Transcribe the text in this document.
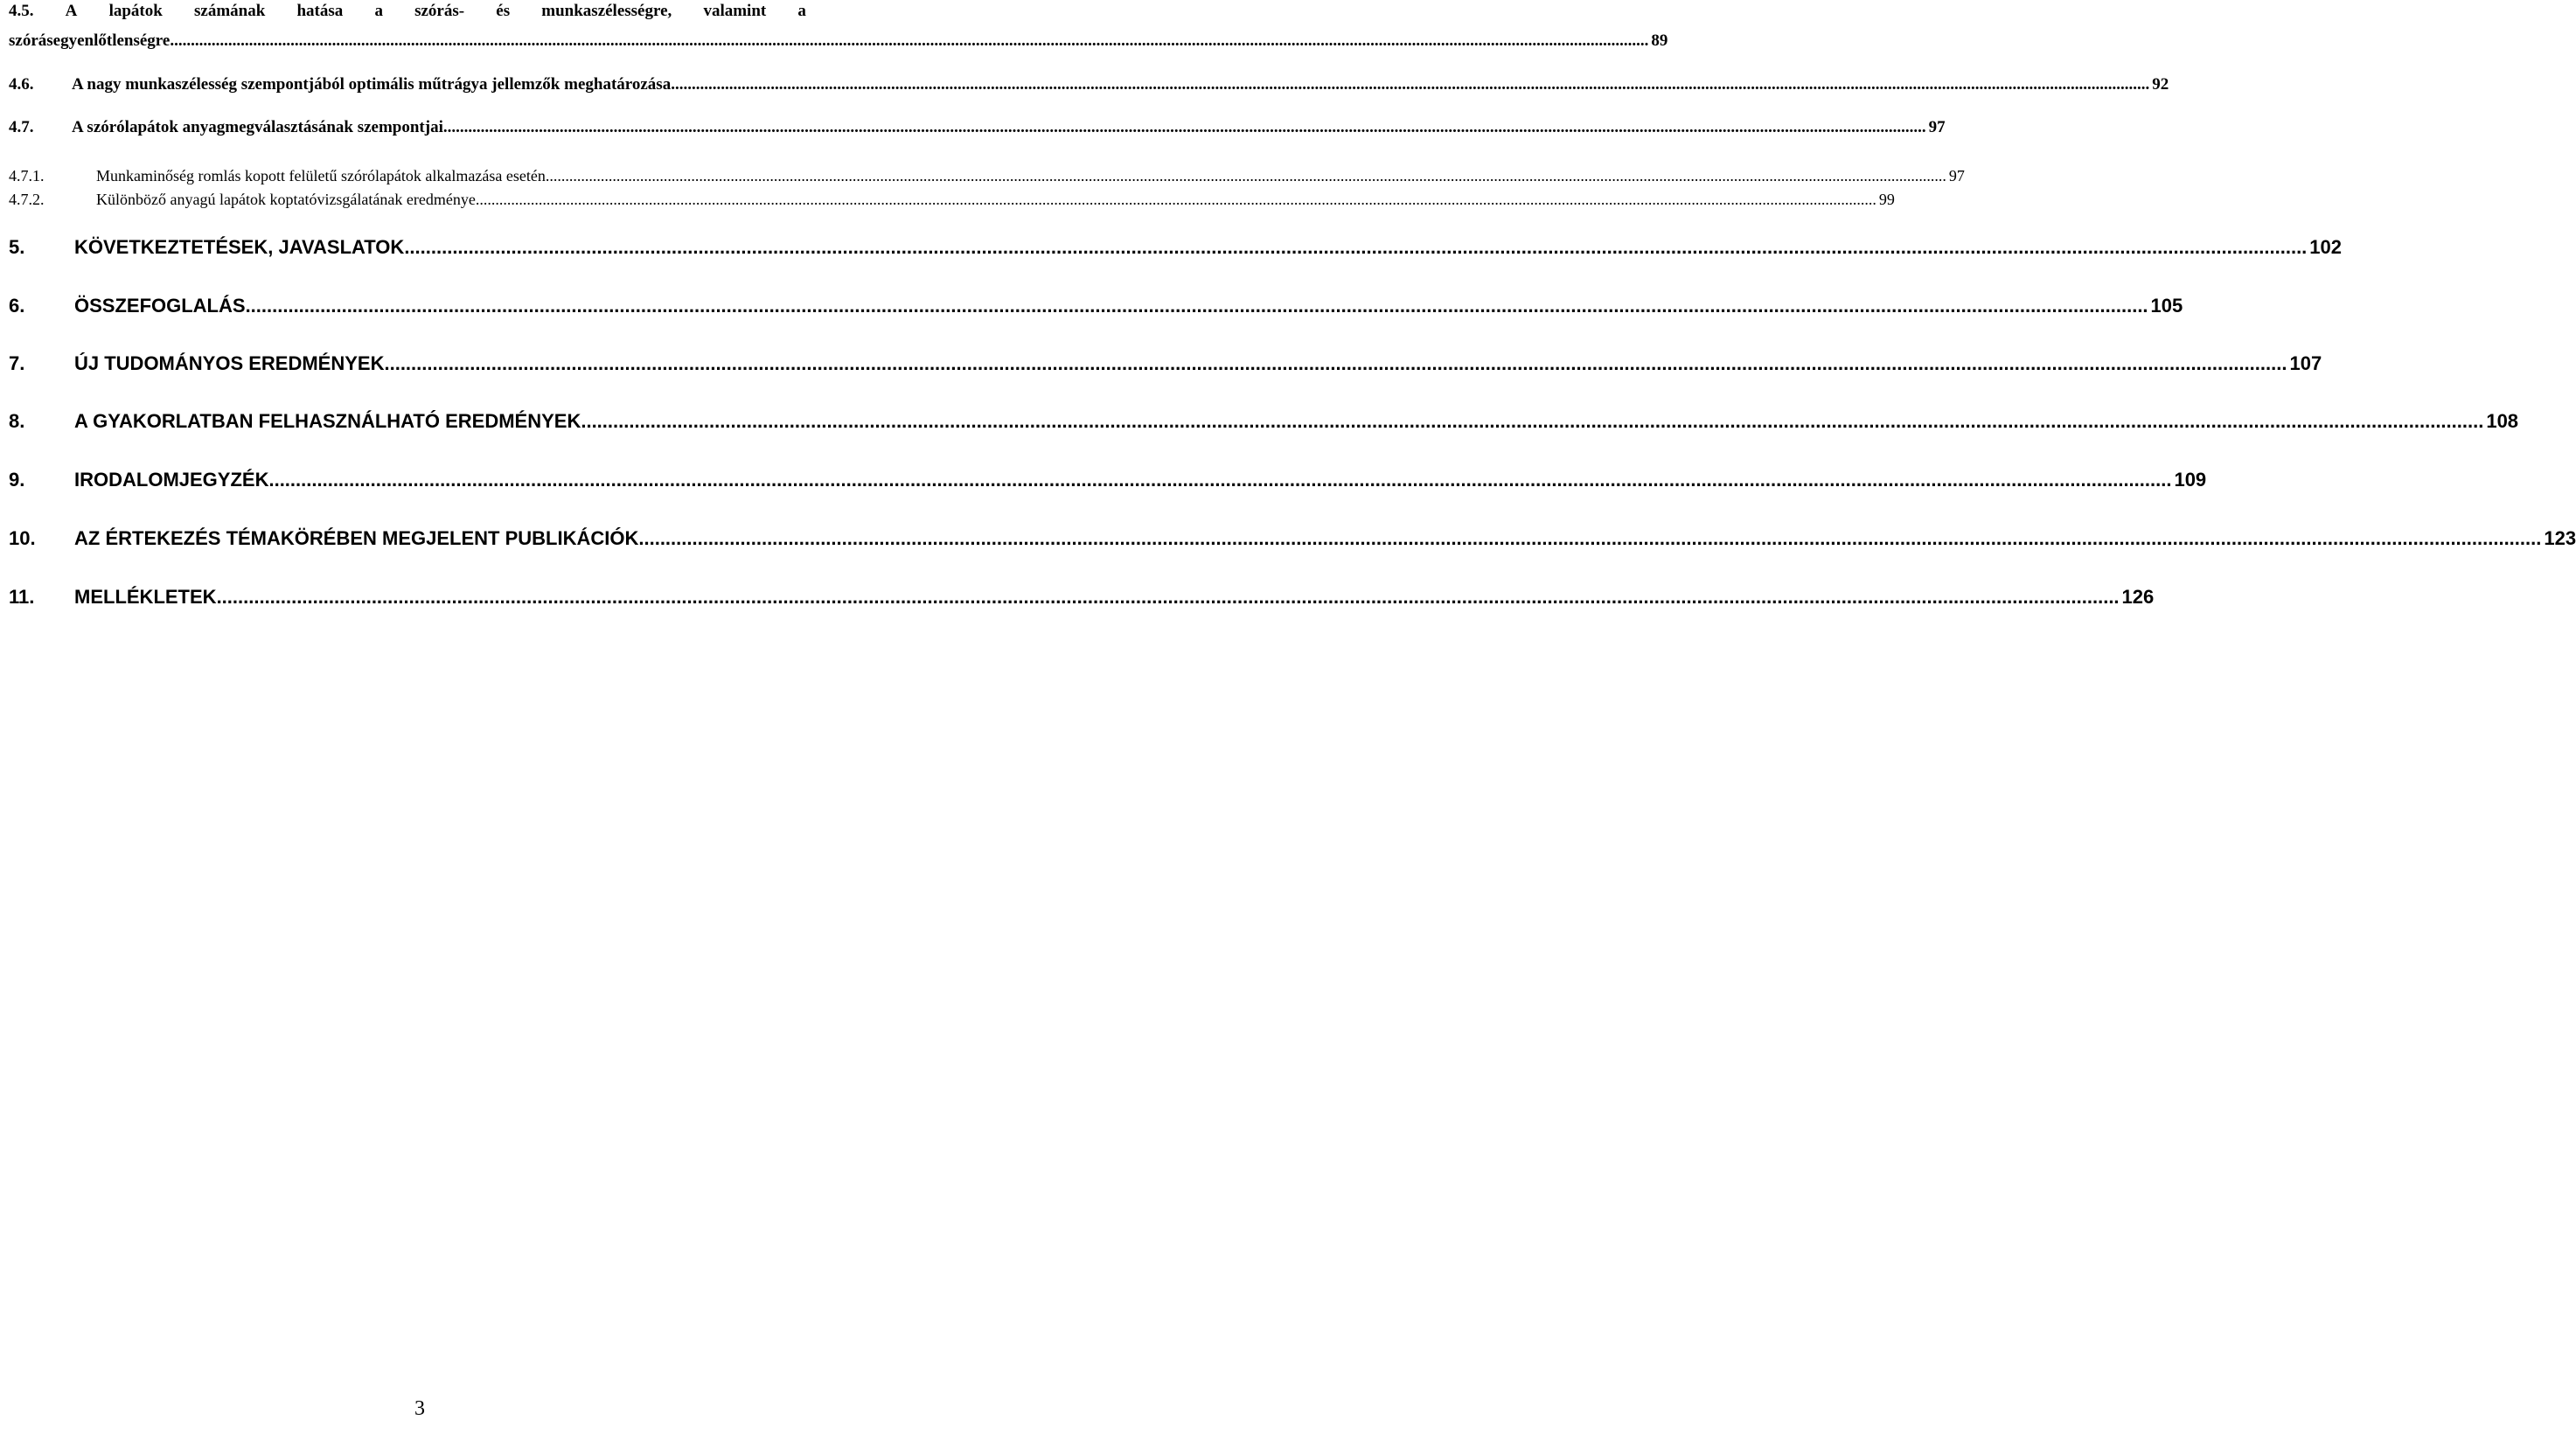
4.5. A lapátok számának hatása a szórás- és munkaszélességre, valamint a
szórásegyenlőtlenségre .....	89
4.6.	A nagy munkaszélesség szempontjából optimális műtrágya jellemzők meghatározása .....	92
4.7.	A szórólapátok anyagmegválasztásának szempontjai. .....	97
4.7.1.	Munkaminőség romlás kopott felületű szórólapátok alkalmazása esetén .....	97
4.7.2.	Különböző anyagú lapátok koptatóvizsgálatának eredménye .....	99
5.	KÖVETKEZTETÉSEK, JAVASLATOK .....	102
6.	ÖSSZEFOGLALÁS .....	105
7.	ÚJ TUDOMÁNYOS EREDMÉNYEK .....	107
8.	A GYAKORLATBAN FELHASZNÁLHATÓ EREDMÉNYEK .....	108
9.	IRODALOMJEGYZÉK .....	109
10.	AZ ÉRTEKEZÉS TÉMAKÖRÉBEN MEGJELENT PUBLIKÁCIÓK .....	123
11.	MELLÉKLETEK .....	126
3
